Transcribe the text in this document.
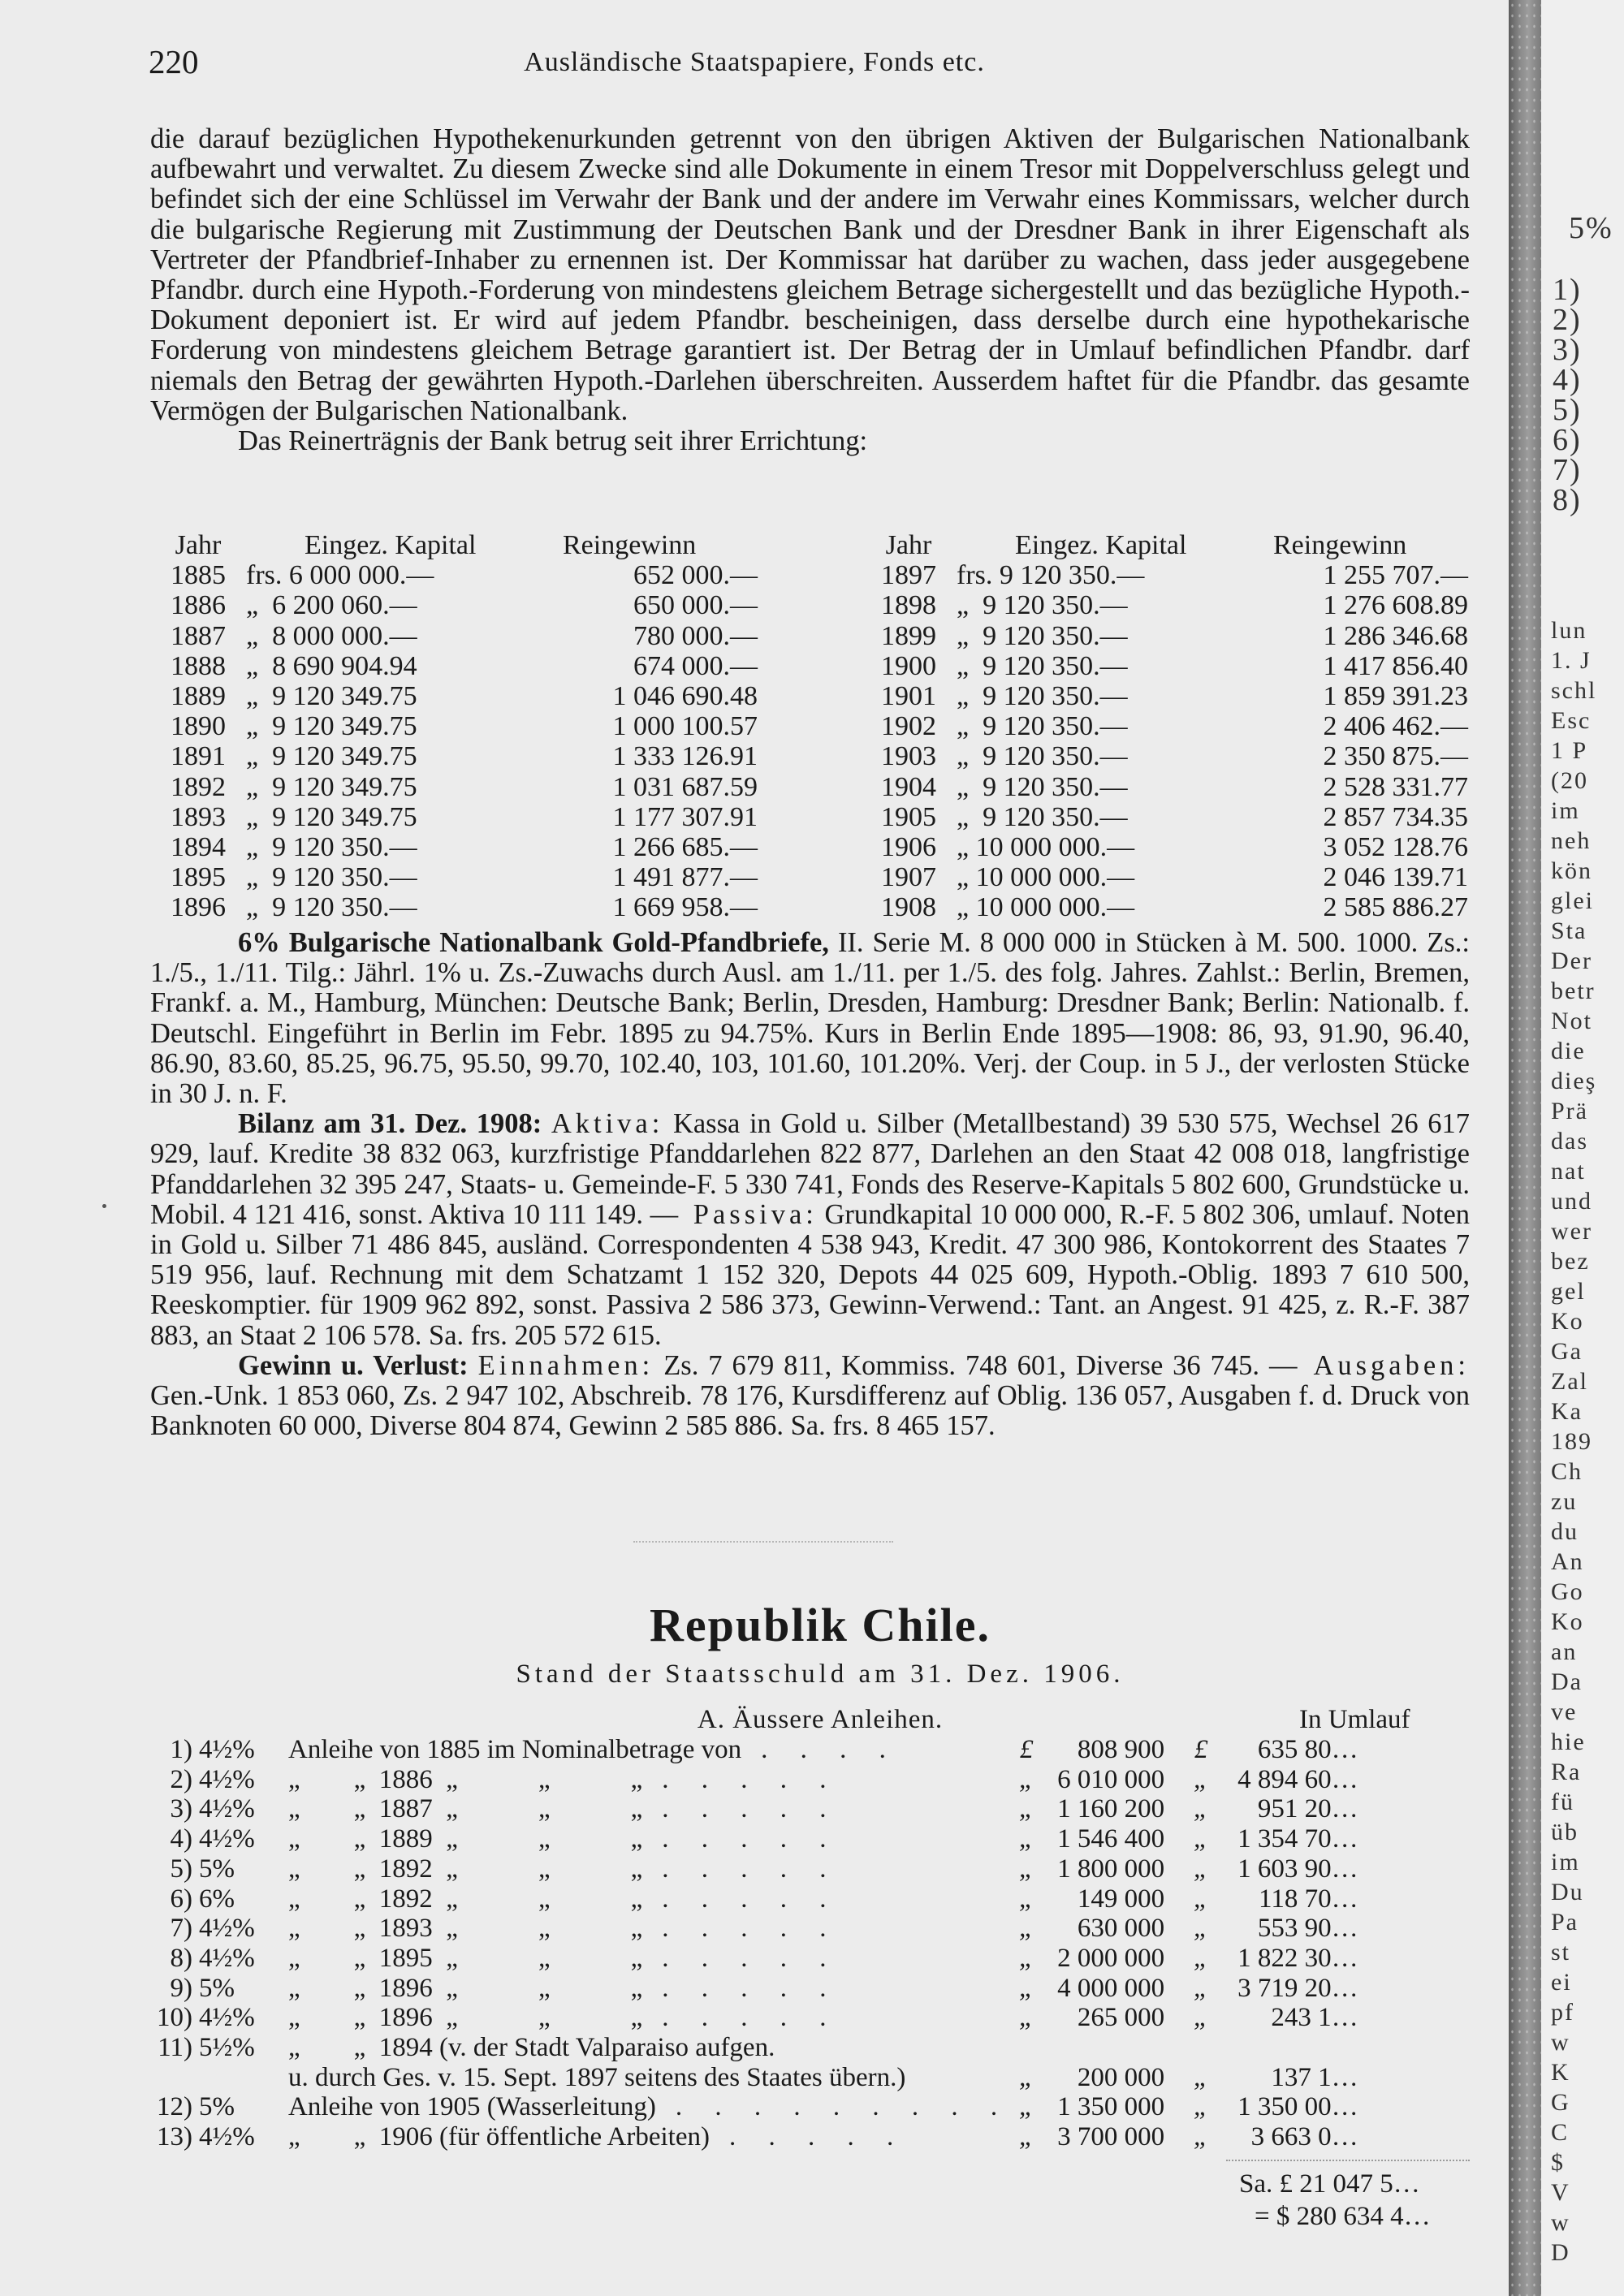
220	Ausländische Staatspapiere, Fonds etc.

die darauf bezüglichen Hypothekenurkunden getrennt von den übrigen Aktiven der Bulgarischen Nationalbank aufbewahrt und verwaltet. Zu diesem Zwecke sind alle Dokumente in einem Tresor mit Doppelverschluss gelegt und befindet sich der eine Schlüssel im Verwahr der Bank und der andere im Verwahr eines Kommissars, welcher durch die bulgarische Regierung mit Zustimmung der Deutschen Bank und der Dresdner Bank in ihrer Eigenschaft als Vertreter der Pfandbrief-Inhaber zu ernennen ist. Der Kommissar hat darüber zu wachen, dass jeder ausgegebene Pfandbr. durch eine Hypoth.-Forderung von mindestens gleichem Betrage sichergestellt und das bezügliche Hypoth.-Dokument deponiert ist. Er wird auf jedem Pfandbr. bescheinigen, dass derselbe durch eine hypothekarische Forderung von mindestens gleichem Betrage garantiert ist. Der Betrag der in Umlauf befindlichen Pfandbr. darf niemals den Betrag der gewährten Hypoth.-Darlehen überschreiten. Ausserdem haftet für die Pfandbr. das gesamte Vermögen der Bulgarischen Nationalbank.

Das Reinerträgnis der Bank betrug seit ihrer Errichtung:

Jahr	Eingez. Kapital	Reingewinn
1885	frs. 6 000 000.—	652 000.—
1886	„  6 200 060.—	650 000.—
1887	„  8 000 000.—	780 000.—
1888	„  8 690 904.94	674 000.—
1889	„  9 120 349.75	1 046 690.48
1890	„  9 120 349.75	1 000 100.57
1891	„  9 120 349.75	1 333 126.91
1892	„  9 120 349.75	1 031 687.59
1893	„  9 120 349.75	1 177 307.91
1894	„  9 120 350.—	1 266 685.—
1895	„  9 120 350.—	1 491 877.—
1896	„  9 120 350.—	1 669 958.—
Jahr	Eingez. Kapital	Reingewinn
1897	frs. 9 120 350.—	1 255 707.—
1898	„  9 120 350.—	1 276 608.89
1899	„  9 120 350.—	1 286 346.68
1900	„  9 120 350.—	1 417 856.40
1901	„  9 120 350.—	1 859 391.23
1902	„  9 120 350.—	2 406 462.—
1903	„  9 120 350.—	2 350 875.—
1904	„  9 120 350.—	2 528 331.77
1905	„  9 120 350.—	2 857 734.35
1906	„ 10 000 000.—	3 052 128.76
1907	„ 10 000 000.—	2 046 139.71
1908	„ 10 000 000.—	2 585 886.27

6% Bulgarische Nationalbank Gold-Pfandbriefe, II. Serie M. 8 000 000 in Stücken à M. 500. 1000. Zs.: 1./5., 1./11. Tilg.: Jährl. 1% u. Zs.-Zuwachs durch Ausl. am 1./11. per 1./5. des folg. Jahres. Zahlst.: Berlin, Bremen, Frankf. a. M., Hamburg, München: Deutsche Bank; Berlin, Dresden, Hamburg: Dresdner Bank; Berlin: Nationalb. f. Deutschl. Eingeführt in Berlin im Febr. 1895 zu 94.75%. Kurs in Berlin Ende 1895—1908: 86, 93, 91.90, 96.40, 86.90, 83.60, 85.25, 96.75, 95.50, 99.70, 102.40, 103, 101.60, 101.20%. Verj. der Coup. in 5 J., der verlosten Stücke in 30 J. n. F.

Bilanz am 31. Dez. 1908: Aktiva: Kassa in Gold u. Silber (Metallbestand) 39 530 575, Wechsel 26 617 929, lauf. Kredite 38 832 063, kurzfristige Pfanddarlehen 822 877, Darlehen an den Staat 42 008 018, langfristige Pfanddarlehen 32 395 247, Staats- u. Gemeinde-F. 5 330 741, Fonds des Reserve-Kapitals 5 802 600, Grundstücke u. Mobil. 4 121 416, sonst. Aktiva 10 111 149. — Passiva: Grundkapital 10 000 000, R.-F. 5 802 306, umlauf. Noten in Gold u. Silber 71 486 845, ausländ. Correspondenten 4 538 943, Kredit. 47 300 986, Kontokorrent des Staates 7 519 956, lauf. Rechnung mit dem Schatzamt 1 152 320, Depots 44 025 609, Hypoth.-Oblig. 1893 7 610 500, Reeskomptier. für 1909 962 892, sonst. Passiva 2 586 373, Gewinn-Verwend.: Tant. an Angest. 91 425, z. R.-F. 387 883, an Staat 2 106 578. Sa. frs. 205 572 615.

Gewinn u. Verlust: Einnahmen: Zs. 7 679 811, Kommiss. 748 601, Diverse 36 745. — Ausgaben: Gen.-Unk. 1 853 060, Zs. 2 947 102, Abschreib. 78 176, Kursdifferenz auf Oblig. 136 057, Ausgaben f. d. Druck von Banknoten 60 000, Diverse 804 874, Gewinn 2 585 886. Sa. frs. 8 465 157.

Republik Chile.
Stand der Staatsschuld am 31. Dez. 1906.
A. Äussere Anleihen.	In Umlauf
1)	4½%	Anleihe von 1885 im Nominalbetrage von . . . .	£	808 900	£	635 80…
2)	4½%	„        „  1886  „            „            „ . . . . .	„	6 010 000	„	4 894 60…
3)	4½%	„        „  1887  „            „            „ . . . . .	„	1 160 200	„	951 20…
4)	4½%	„        „  1889  „            „            „ . . . . .	„	1 546 400	„	1 354 70…
5)	5%	„        „  1892  „            „            „ . . . . .	„	1 800 000	„	1 603 90…
6)	6%	„        „  1892  „            „            „ . . . . .	„	149 000	„	118 70…
7)	4½%	„        „  1893  „            „            „ . . . . .	„	630 000	„	553 90…
8)	4½%	„        „  1895  „            „            „ . . . . .	„	2 000 000	„	1 822 30…
9)	5%	„        „  1896  „            „            „ . . . . .	„	4 000 000	„	3 719 20…
10)	4½%	„        „  1896  „            „            „ . . . . .	„	265 000	„	243 1…
11)	5½%	„        „  1894 (v. der Stadt Valparaiso aufgen.				
		u. durch Ges. v. 15. Sept. 1897 seitens des Staates übern.)	„	200 000	„	137 1…
12)	5%	Anleihe von 1905 (Wasserleitung) . . . . . . . . .	„	1 350 000	„	1 350 00…
13)	4½%	„        „  1906 (für öffentliche Arbeiten) . . . . .	„	3 700 000	„	3 663 0…
Sa. £ 21 047 5…
= $ 280 634 4…
5%
1)
2)
3)
4)
5)
6)
7)
8)
lun
1. J
schl
Esc
1 P
(20
im
neh
kön
glei
Sta
Der
betr
Not
die
dieş
Prä
das
nat
und
wer
bez
gel
Ko
Ga
Zal
Ka
189
Ch
zu
du
An
Go
Ko
an
Da
ve
hie
Ra
fü
üb
im
Du
Pa
st
ei
pf
w
K
G
C
$
V
w
D
